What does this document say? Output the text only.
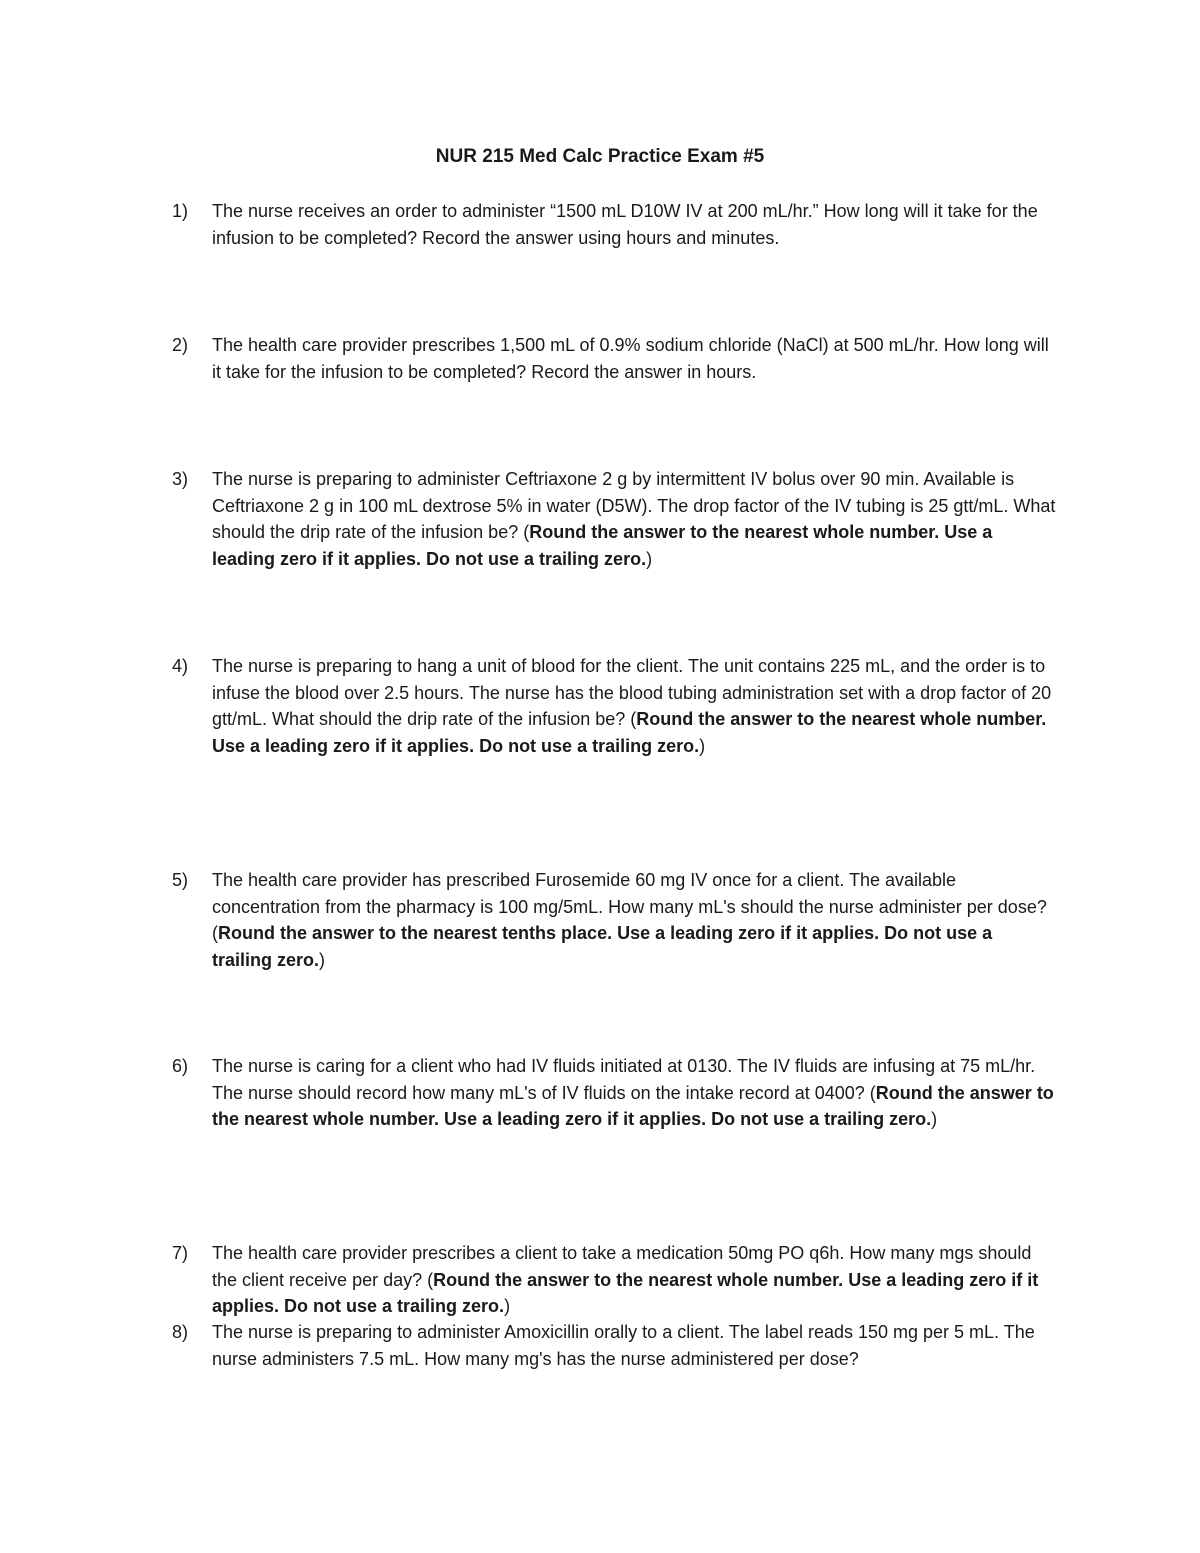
NUR 215 Med Calc Practice Exam #5
1)	The nurse receives an order to administer “1500 mL D10W IV at 200 mL/hr.” How long will it take for the infusion to be completed? Record the answer using hours and minutes.
2)	The health care provider prescribes 1,500 mL of 0.9% sodium chloride (NaCl) at 500 mL/hr. How long will it take for the infusion to be completed? Record the answer in hours.
3)	The nurse is preparing to administer Ceftriaxone 2 g by intermittent IV bolus over 90 min. Available is Ceftriaxone 2 g in 100 mL dextrose 5% in water (D5W). The drop factor of the IV tubing is 25 gtt/mL. What should the drip rate of the infusion be? (Round the answer to the nearest whole number. Use a leading zero if it applies. Do not use a trailing zero.)
4)	The nurse is preparing to hang a unit of blood for the client. The unit contains 225 mL, and the order is to infuse the blood over 2.5 hours. The nurse has the blood tubing administration set with a drop factor of 20 gtt/mL. What should the drip rate of the infusion be? (Round the answer to the nearest whole number. Use a leading zero if it applies. Do not use a trailing zero.)
5)	The health care provider has prescribed Furosemide 60 mg IV once for a client. The available concentration from the pharmacy is 100 mg/5mL. How many mL's should the nurse administer per dose? (Round the answer to the nearest tenths place. Use a leading zero if it applies. Do not use a trailing zero.)
6)	The nurse is caring for a client who had IV fluids initiated at 0130. The IV fluids are infusing at 75 mL/hr. The nurse should record how many mL's of IV fluids on the intake record at 0400? (Round the answer to the nearest whole number. Use a leading zero if it applies. Do not use a trailing zero.)
7)	The health care provider prescribes a client to take a medication 50mg PO q6h. How many mgs should the client receive per day? (Round the answer to the nearest whole number. Use a leading zero if it applies. Do not use a trailing zero.)
8)	The nurse is preparing to administer Amoxicillin orally to a client. The label reads 150 mg per 5 mL. The nurse administers 7.5 mL. How many mg's has the nurse administered per dose?
